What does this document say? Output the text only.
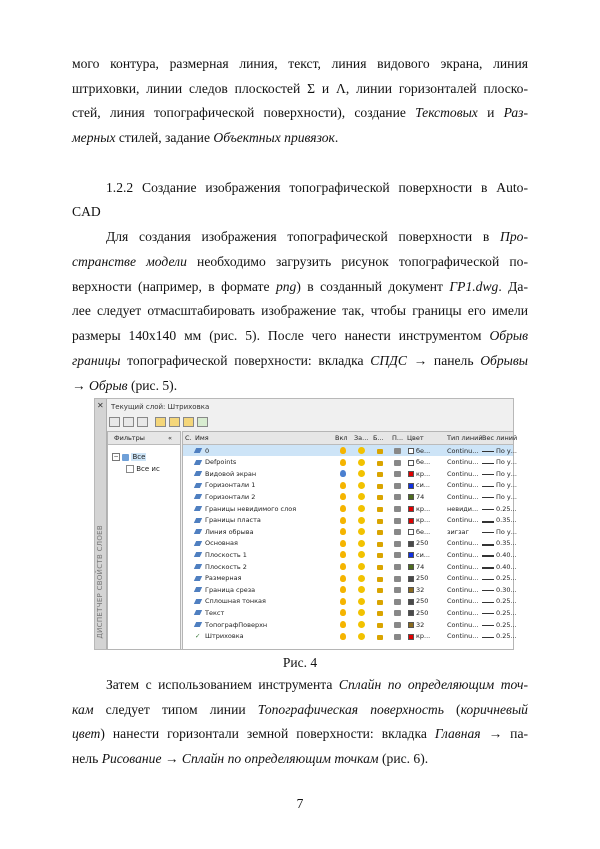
мого контура, размерная линия, текст, линия видового экрана, линия
штриховки, линии следов плоскостей Σ и Λ, линии горизонталей плоско-
стей, линия топографической поверхности), создание Текстовых и Раз-
мерных стилей, задание Объектных привязок.
1.2.2 Создание изображения топографической поверхности в Auto-
CAD
Для создания изображения топографической поверхности в Про-
странстве модели необходимо загрузить рисунок топографической по-
верхности (например, в формате png) в созданный документ ГР1.dwg. Да-
лее следует отмасштабировать изображение так, чтобы границы его имели
размеры 140х140 мм (рис. 5). После чего нанести инструментом Обрыв
границы топографической поверхности: вкладка СПДС → панель Обрывы
→ Обрыв (рис. 5).
✕
ДИСПЕТЧЕР СВОЙСТВ СЛОЕВ
Текущий слой: Штриховка
Фильтры	«
− Все
Все ис
С. Имя	Вкл За... Б... П... Цвет	Тип линий Вес линий
0	бе...	Continu...	По у...
Defpoints	бе...	Continu...	По у...
Видовой экран	кр...	Continu...	По у...
Горизонтали 1	си...	Continu...	По у...
Горизонтали 2	74	Continu...	По у...
Границы невидимого слоя	кр...	невиди...	0.25...
Границы пласта	кр...	Continu...	0.35...
Линия обрыва	бе...	зигзаг	По у...
Основная	250	Continu...	0.35...
Плоскость 1	си...	Continu...	0.40...
Плоскость 2	74	Continu...	0.40...
Размерная	250	Continu...	0.25...
Граница среза	32	Continu...	0.30...
Сплошная тонкая	250	Continu...	0.25...
Текст	250	Continu...	0.25...
ТопографПоверхн	32	Continu...	0.25...
✓ Штриховка	кр...	Continu...	0.25...
Рис. 4
Затем с использованием инструмента Сплайн по определяющим точ-
кам следует типом линии Топографическая поверхность (коричневый
цвет) нанести горизонтали земной поверхности: вкладка Главная → па-
нель Рисование → Сплайн по определяющим точкам (рис. 6).
7
